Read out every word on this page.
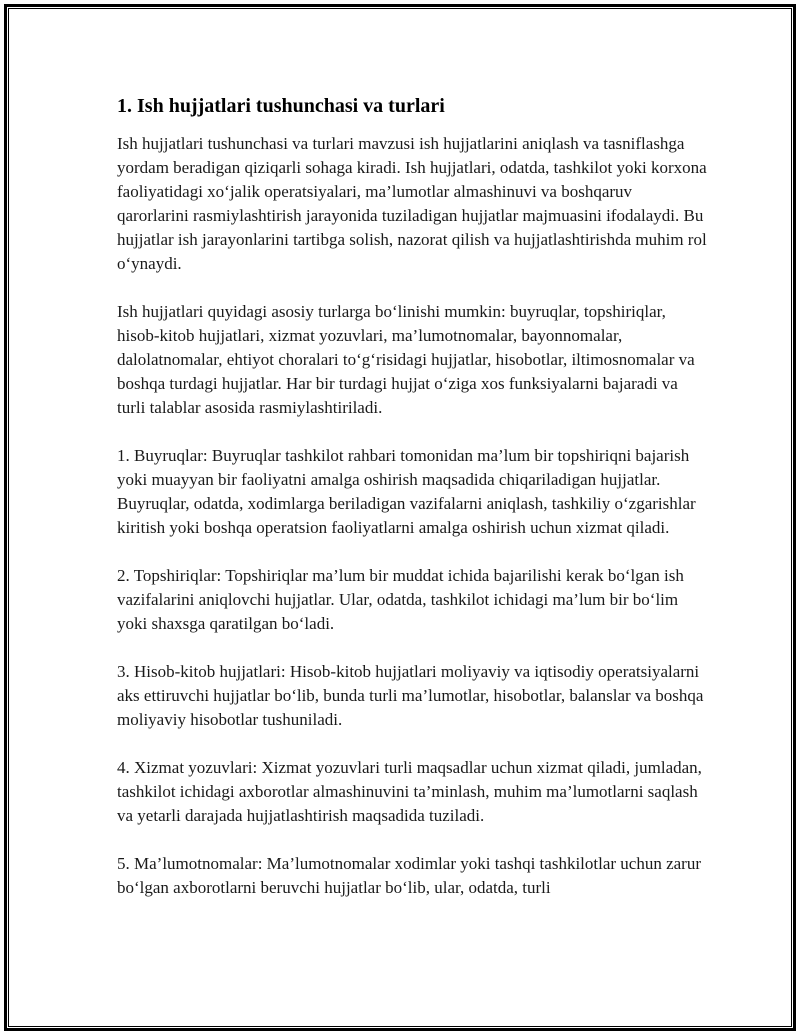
1. Ish hujjatlari tushunchasi va turlari

Ish hujjatlari tushunchasi va turlari mavzusi ish hujjatlarini aniqlash va tasniflashga yordam beradigan qiziqarli sohaga kiradi. Ish hujjatlari, odatda, tashkilot yoki korxona faoliyatidagi xo‘jalik operatsiyalari, ma’lumotlar almashinuvi va boshqaruv qarorlarini rasmiylashtirish jarayonida tuziladigan hujjatlar majmuasini ifodalaydi. Bu hujjatlar ish jarayonlarini tartibga solish, nazorat qilish va hujjatlashtirishda muhim rol o‘ynaydi.

Ish hujjatlari quyidagi asosiy turlarga bo‘linishi mumkin: buyruqlar, topshiriqlar, hisob-kitob hujjatlari, xizmat yozuvlari, ma’lumotnomalar, bayonnomalar, dalolatnomalar, ehtiyot choralari to‘g‘risidagi hujjatlar, hisobotlar, iltimosnomalar va boshqa turdagi hujjatlar. Har bir turdagi hujjat o‘ziga xos funksiyalarni bajaradi va turli talablar asosida rasmiylashtiriladi.

1. Buyruqlar: Buyruqlar tashkilot rahbari tomonidan ma’lum bir topshiriqni bajarish yoki muayyan bir faoliyatni amalga oshirish maqsadida chiqariladigan hujjatlar. Buyruqlar, odatda, xodimlarga beriladigan vazifalarni aniqlash, tashkiliy o‘zgarishlar kiritish yoki boshqa operatsion faoliyatlarni amalga oshirish uchun xizmat qiladi.

2. Topshiriqlar: Topshiriqlar ma’lum bir muddat ichida bajarilishi kerak bo‘lgan ish vazifalarini aniqlovchi hujjatlar. Ular, odatda, tashkilot ichidagi ma’lum bir bo‘lim yoki shaxsga qaratilgan bo‘ladi.

3. Hisob-kitob hujjatlari: Hisob-kitob hujjatlari moliyaviy va iqtisodiy operatsiyalarni aks ettiruvchi hujjatlar bo‘lib, bunda turli ma’lumotlar, hisobotlar, balanslar va boshqa moliyaviy hisobotlar tushuniladi.

4. Xizmat yozuvlari: Xizmat yozuvlari turli maqsadlar uchun xizmat qiladi, jumladan, tashkilot ichidagi axborotlar almashinuvini ta’minlash, muhim ma’lumotlarni saqlash va yetarli darajada hujjatlashtirish maqsadida tuziladi.

5. Ma’lumotnomalar: Ma’lumotnomalar xodimlar yoki tashqi tashkilotlar uchun zarur bo‘lgan axborotlarni beruvchi hujjatlar bo‘lib, ular, odatda, turli
